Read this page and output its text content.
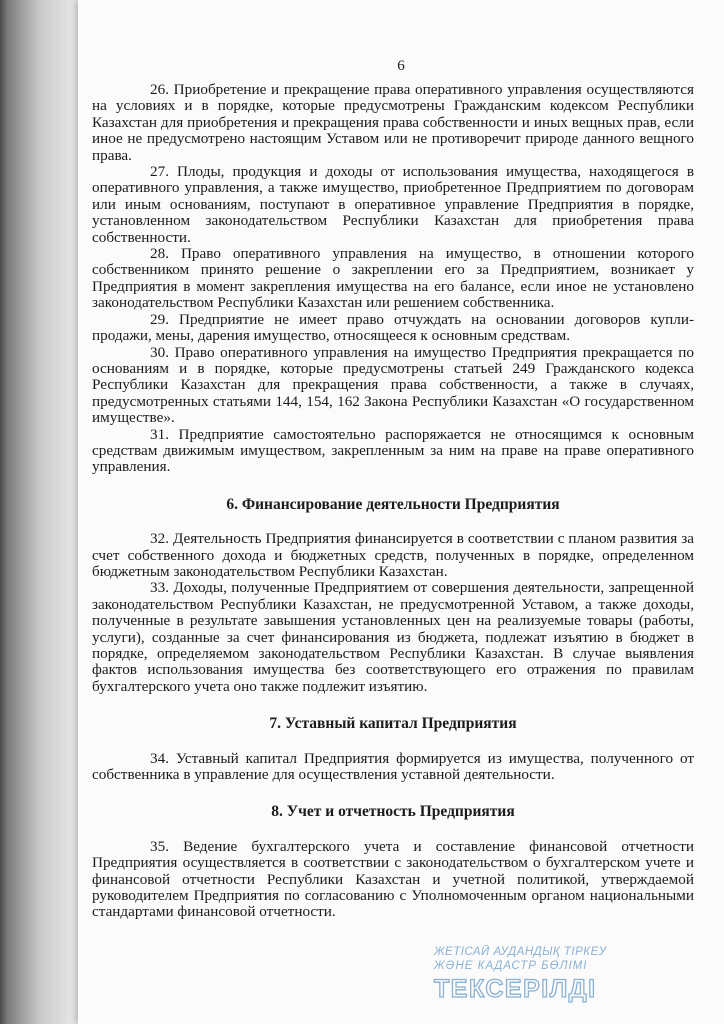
6

26. Приобретение и прекращение права оперативного управления осуществляются на условиях и в порядке, которые предусмотрены Гражданским кодексом Республики Казахстан для приобретения и прекращения права собственности и иных вещных прав, если иное не предусмотрено настоящим Уставом или не противоречит природе данного вещного права.

27. Плоды, продукция и доходы от использования имущества, находящегося в оперативного управления, а также имущество, приобретенное Предприятием по договорам или иным основаниям, поступают в оперативное управление Предприятия в порядке, установленном законодательством Республики Казахстан для приобретения права собственности.

28. Право оперативного управления на имущество, в отношении которого собственником принято решение о закреплении его за Предприятием, возникает у Предприятия в момент закрепления имущества на его балансе, если иное не установлено законодательством Республики Казахстан или решением собственника.

29. Предприятие не имеет право отчуждать на основании договоров купли-продажи, мены, дарения имущество, относящееся к основным средствам.

30. Право оперативного управления на имущество Предприятия прекращается по основаниям и в порядке, которые предусмотрены статьей 249 Гражданского кодекса Республики Казахстан для прекращения права собственности, а также в случаях, предусмотренных статьями 144, 154, 162 Закона Республики Казахстан «О государственном имуществе».

31. Предприятие самостоятельно распоряжается не относящимся к основным средствам движимым имуществом, закрепленным за ним на праве на праве оперативного управления.

6. Финансирование деятельности Предприятия

32. Деятельность Предприятия финансируется в соответствии с планом развития за счет собственного дохода и бюджетных средств, полученных в порядке, определенном бюджетным законодательством Республики Казахстан.

33. Доходы, полученные Предприятием от совершения деятельности, запрещенной законодательством Республики Казахстан, не предусмотренной Уставом, а также доходы, полученные в результате завышения установленных цен на реализуемые товары (работы, услуги), созданные за счет финансирования из бюджета, подлежат изъятию в бюджет в порядке, определяемом законодательством Республики Казахстан. В случае выявления фактов использования имущества без соответствующего его отражения по правилам бухгалтерского учета оно также подлежит изъятию.

7. Уставный капитал Предприятия

34. Уставный капитал Предприятия формируется из имущества, полученного от собственника в управление для осуществления уставной деятельности.

8. Учет и отчетность Предприятия

35. Ведение бухгалтерского учета и составление финансовой отчетности Предприятия осуществляется в соответствии с законодательством о бухгалтерском учете и финансовой отчетности Республики Казахстан и учетной политикой, утверждаемой руководителем Предприятия по согласованию с Уполномоченным органом национальными стандартами финансовой отчетности.

ЖЕТІСАЙ АУДАНДЫҚ ТІРКЕУ
ЖӘНЕ КАДАСТР БӨЛІМІ
ТЕКСЕРІЛДІ
